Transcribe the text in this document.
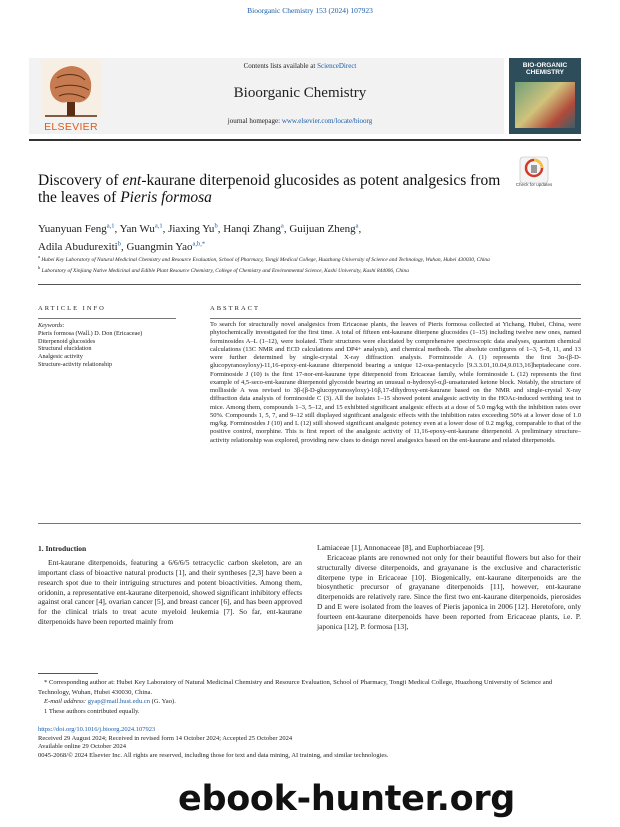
Bioorganic Chemistry 153 (2024) 107923
ELSEVIER
Contents lists available at ScienceDirect
Bioorganic Chemistry
journal homepage: www.elsevier.com/locate/bioorg
BIO-ORGANIC CHEMISTRY
Discovery of ent-kaurane diterpenoid glucosides as potent analgesics from the leaves of Pieris formosa
Check for updates
Yuanyuan Feng$^{a,1}$, Yan Wu$^{a,1}$, Jiaxing Yu$^b$, Hanqi Zhang$^a$, Guijuan Zheng$^a$,
Adila Abudurexiti$^b$, Guangmin Yao$^{a,b,*}$

$^a$ Hubei Key Laboratory of Natural Medicinal Chemistry and Resource Evaluation, School of Pharmacy, Tongji Medical College, Huazhong University of Science and Technology, Wuhan, Hubei 430030, China

$^b$ Laboratory of Xinjiang Native Medicinal and Edible Plant Resource Chemistry, College of Chemistry and Environmental Science, Kashi University, Kashi 844006, China

ARTICLE INFO	ABSTRACT

Keywords:

Pieris formosa (Wall.) D. Don (Ericaceae)

Diterpenoid glucosides

Structural elucidation

Analgesic activity

Structure-activity relationship

To search for structurally novel analgesics from Ericaceae plants, the leaves of Pieris formosa collected at Yichang, Hubei, China, were phytochemically investigated for the first time. A total of fifteen ent-kaurane diterpene glucosides (1–15) including twelve new ones, named forminosides A–L (1–12), were isolated. Their structures were elucidated by comprehensive spectroscopic data analyses, quantum chemical calculations (13C NMR and ECD calculations and DP4+ analysis), and chemical methods. The absolute configures of 1–3, 5–8, 11, and 13 were further determined by single-crystal X-ray diffraction analysis. Forminoside A (1) represents the first 3α-(β-D-glucopyranosyloxy)-11,16-epoxy-ent-kaurane diterpenoid bearing a unique 12-oxa-pentacyclo [9.3.3.01,10.04,9.013,16]heptadecane core. Forminoside J (10) is the first 17-nor-ent-kaurane type diterpenoid from Ericaceae family, while forminoside L (12) represents the first example of 4,5-seco-ent-kaurane diterpenoid glycoside bearing an unusual α-hydroxyl-α,β-unsaturated ketone block. Notably, the structure of mollisside A was revised to 3β-(β-D-glucopyranosyloxy)-16β,17-dihydroxy-ent-kaurane based on the NMR and single-crystal X-ray diffraction data analysis of forminoside C (3). All the isolates 1–15 showed potent analgesic activity in the HOAc-induced writhing test in mice. Among them, compounds 1–3, 5–12, and 15 exhibited significant analgesic effects at a dose of 5.0 mg/kg with the inhibition rates over 50%. Compounds 1, 5, 7, and 9–12 still displayed significant analgesic effects with the inhibition rates exceeding 50% at a lower dose of 1.0 mg/kg. Forminosides J (10) and L (12) still showed significant analgesic potency even at a lower dose of 0.2 mg/kg, comparable to that of the positive control, morphine. This is first report of the analgesic activity of 11,16-epoxy-ent-kaurane diterpenoid. A preliminary structure–activity relationship was explored, providing new clues to design novel analgesics based on the ent-kaurane and related diterpenoids.
1. Introduction

Ent-kaurane diterpenoids, featuring a 6/6/6/5 tetracyclic carbon skeleton, are an important class of bioactive natural products [1], and their syntheses [2,3] have been a research spot due to their intriguing structures and potent bioactivities. Among them, oridonin, a representative ent-kaurane diterpenoid, showed significant inhibitory effects against oral cancer [4], ovarian cancer [5], and breast cancer [6], and has been approved for the clinical trials to treat acute myeloid leukemia [7]. So far, ent-kaurane diterpenoids have been reported mainly from

Lamiaceae [1], Annonaceae [8], and Euphorbiaceae [9].

Ericaceae plants are renowned not only for their beautiful flowers but also for their structurally diverse diterpenoids, and grayanane is the exclusive and characteristic diterpene type in Ericaceae [10]. Biogenically, ent-kaurane diterpenoids are the biosynthetic precursor of grayanane diterpenoids [11], however, ent-kaurane diterpenoids are relatively rare. Since the first two ent-kaurane diterpenoids, pierosides D and E were isolated from the leaves of Pieris japonica in 2006 [12]. Heretofore, only fourteen ent-kaurane diterpenoids have been reported from Ericaceae plants, i.e. P. japonica [12], P. formosa [13],

* Corresponding author at: Hubei Key Laboratory of Natural Medicinal Chemistry and Resource Evaluation, School of Pharmacy, Tongji Medical College, Huazhong University of Science and Technology, Wuhan, Hubei 430030, China.

E-mail address: gyap@mail.hust.edu.cn (G. Yao).

1 These authors contributed equally.

https://doi.org/10.1016/j.bioorg.2024.107923

Received 29 August 2024; Received in revised form 14 October 2024; Accepted 25 October 2024

Available online 29 October 2024

0045-2068/© 2024 Elsevier Inc. All rights are reserved, including those for text and data mining, AI training, and similar technologies.

ebook-hunter.org
